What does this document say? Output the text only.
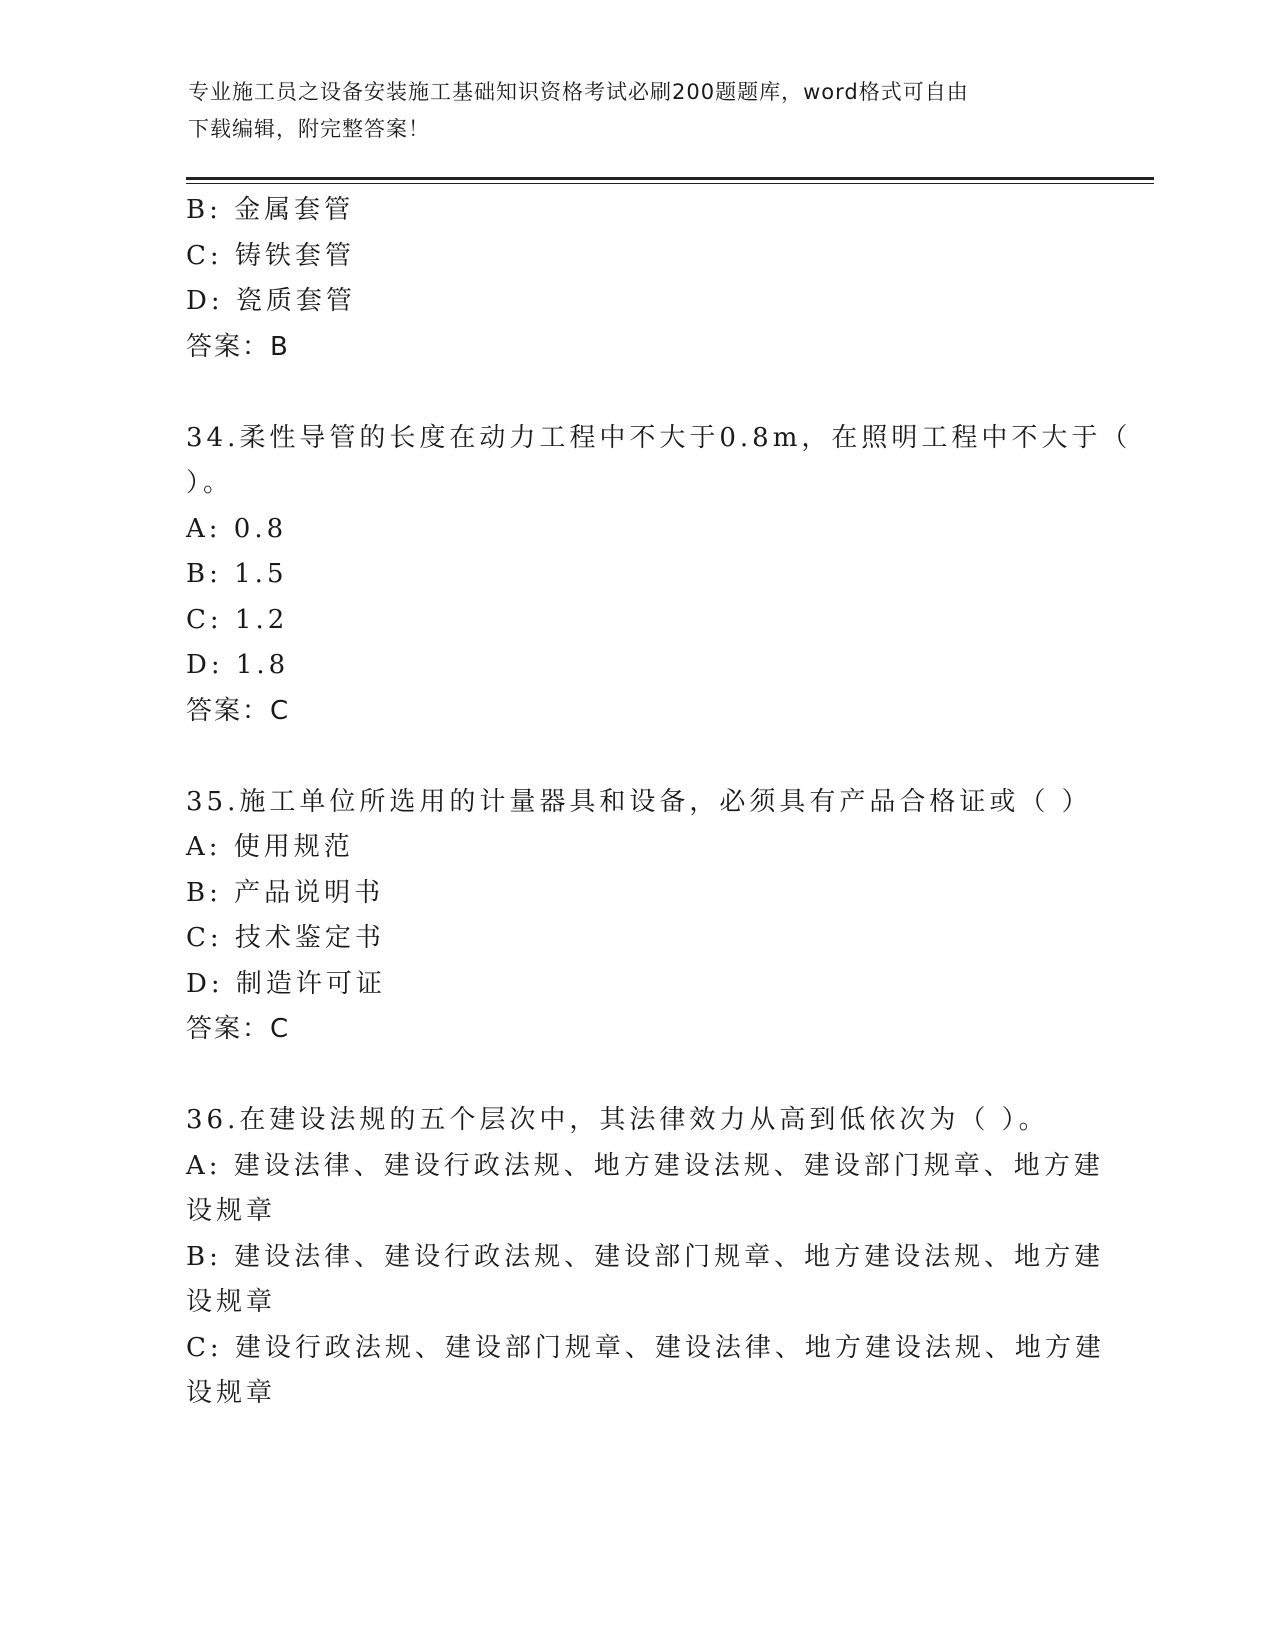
专业施工员之设备安装施工基础知识资格考试必刷200题题库，word格式可自由
下载编辑，附完整答案！
B: 金属套管
C: 铸铁套管
D: 瓷质套管
答案：B
34.柔性导管的长度在动力工程中不大于0.8m，在照明工程中不大于（
）。
A: 0.8
B: 1.5
C: 1.2
D: 1.8
答案：C
35.施工单位所选用的计量器具和设备，必须具有产品合格证或（ ）
A: 使用规范
B: 产品说明书
C: 技术鉴定书
D: 制造许可证
答案：C
36.在建设法规的五个层次中，其法律效力从高到低依次为（ ）。
A: 建设法律、建设行政法规、地方建设法规、建设部门规章、地方建
设规章
B: 建设法律、建设行政法规、建设部门规章、地方建设法规、地方建
设规章
C: 建设行政法规、建设部门规章、建设法律、地方建设法规、地方建
设规章
